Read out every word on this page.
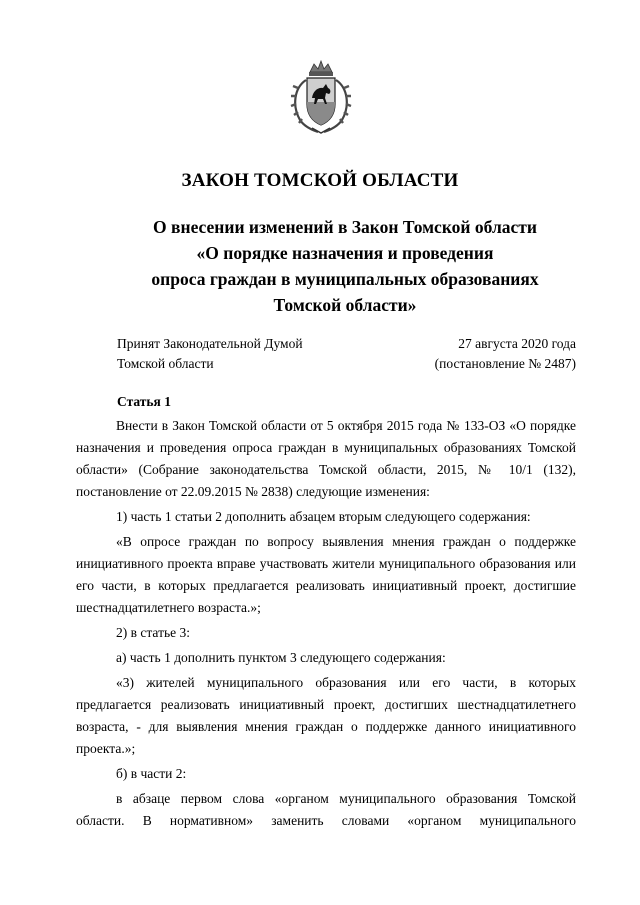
ЗАКОН ТОМСКОЙ ОБЛАСТИ
О внесении изменений в Закон Томской области
«О порядке назначения и проведения
опроса граждан в муниципальных образованиях
Томской области»
Принят Законодательной Думой
Томской области
27 августа 2020 года
(постановление № 2487)
Статья 1

Внести в Закон Томской области от 5 октября 2015 года № 133-ОЗ «О порядке назначения и проведения опроса граждан в муниципальных образованиях Томской области» (Собрание законодательства Томской области, 2015, № 10/1 (132), постановление от 22.09.2015 № 2838) следующие изменения:

1) часть 1 статьи 2 дополнить абзацем вторым следующего содержания:

«В опросе граждан по вопросу выявления мнения граждан о поддержке инициативного проекта вправе участвовать жители муниципального образования или его части, в которых предлагается реализовать инициативный проект, достигшие шестнадцатилетнего возраста.»;

2) в статье 3:

а) часть 1 дополнить пунктом 3 следующего содержания:

«3) жителей муниципального образования или его части, в которых предлагается реализовать инициативный проект, достигших шестнадцатилетнего возраста, - для выявления мнения граждан о поддержке данного инициативного проекта.»;

б) в части 2:

в абзаце первом слова «органом муниципального образования Томской области. В нормативном» заменить словами «органом муниципального
